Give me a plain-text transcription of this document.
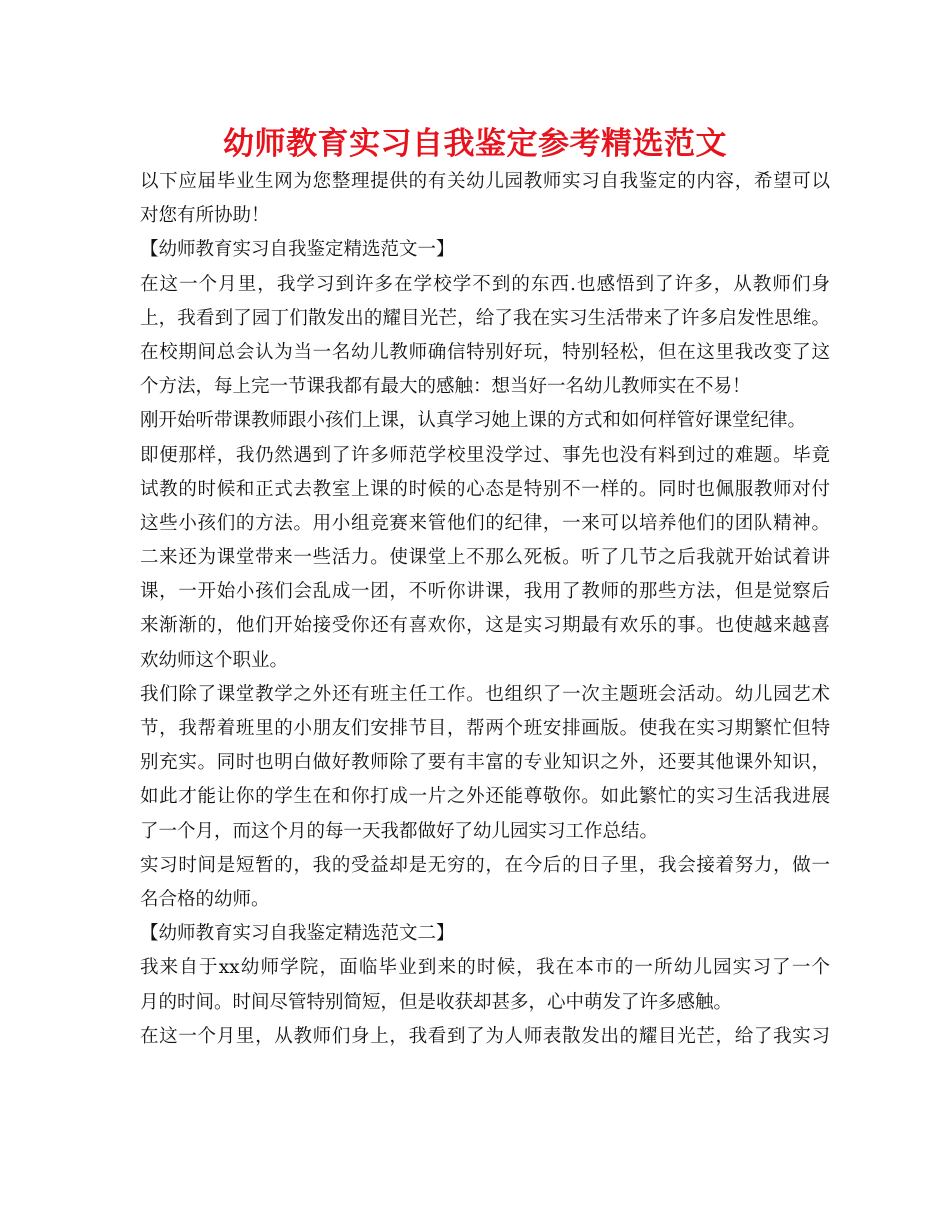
幼师教育实习自我鉴定参考精选范文
以下应届毕业生网为您整理提供的有关幼儿园教师实习自我鉴定的内容，希望可以
对您有所协助！
【幼师教育实习自我鉴定精选范文一】
在这一个月里，我学习到许多在学校学不到的东西.也感悟到了许多，从教师们身
上，我看到了园丁们散发出的耀目光芒，给了我在实习生活带来了许多启发性思维。
在校期间总会认为当一名幼儿教师确信特别好玩，特别轻松，但在这里我改变了这
个方法，每上完一节课我都有最大的感触：想当好一名幼儿教师实在不易！
刚开始听带课教师跟小孩们上课，认真学习她上课的方式和如何样管好课堂纪律。
即便那样，我仍然遇到了许多师范学校里没学过、事先也没有料到过的难题。毕竟
试教的时候和正式去教室上课的时候的心态是特别不一样的。同时也佩服教师对付
这些小孩们的方法。用小组竞赛来管他们的纪律，一来可以培养他们的团队精神。
二来还为课堂带来一些活力。使课堂上不那么死板。听了几节之后我就开始试着讲
课，一开始小孩们会乱成一团，不听你讲课，我用了教师的那些方法，但是觉察后
来渐渐的，他们开始接受你还有喜欢你，这是实习期最有欢乐的事。也使越来越喜
欢幼师这个职业。
我们除了课堂教学之外还有班主任工作。也组织了一次主题班会活动。幼儿园艺术
节，我帮着班里的小朋友们安排节目，帮两个班安排画版。使我在实习期繁忙但特
别充实。同时也明白做好教师除了要有丰富的专业知识之外，还要其他课外知识，
如此才能让你的学生在和你打成一片之外还能尊敬你。如此繁忙的实习生活我进展
了一个月，而这个月的每一天我都做好了幼儿园实习工作总结。
实习时间是短暂的，我的受益却是无穷的，在今后的日子里，我会接着努力，做一
名合格的幼师。
【幼师教育实习自我鉴定精选范文二】
我来自于xx幼师学院，面临毕业到来的时候，我在本市的一所幼儿园实习了一个
月的时间。时间尽管特别简短，但是收获却甚多，心中萌发了许多感触。
在这一个月里，从教师们身上，我看到了为人师表散发出的耀目光芒，给了我实习
